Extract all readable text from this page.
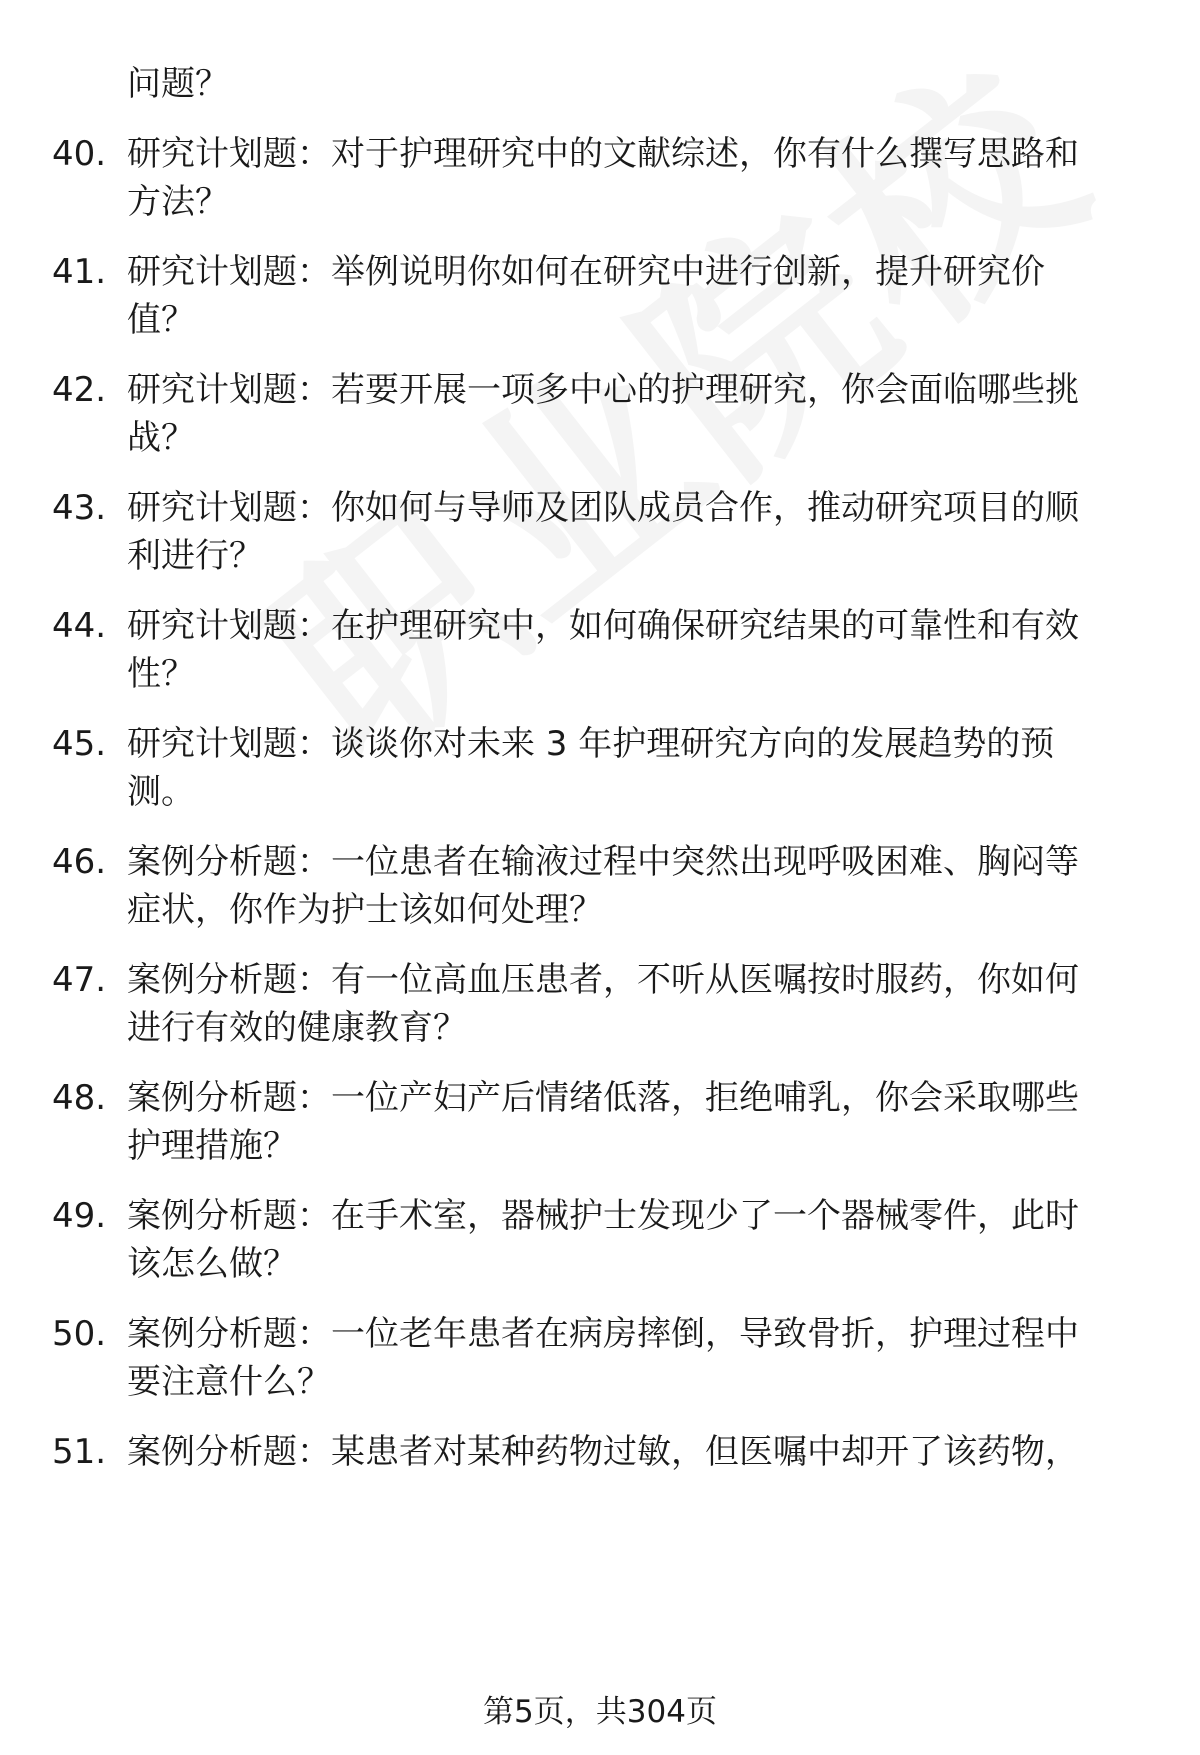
问题？
40. 研究计划题：对于护理研究中的文献综述，你有什么撰写思路和
方法？
41. 研究计划题：举例说明你如何在研究中进行创新，提升研究价
值？
42. 研究计划题：若要开展一项多中心的护理研究，你会面临哪些挑
战？
43. 研究计划题：你如何与导师及团队成员合作，推动研究项目的顺
利进行？
44. 研究计划题：在护理研究中，如何确保研究结果的可靠性和有效
性？
45. 研究计划题：谈谈你对未来 3 年护理研究方向的发展趋势的预
测。
46. 案例分析题：一位患者在输液过程中突然出现呼吸困难、胸闷等
症状，你作为护士该如何处理？
47. 案例分析题：有一位高血压患者，不听从医嘱按时服药，你如何
进行有效的健康教育？
48. 案例分析题：一位产妇产后情绪低落，拒绝哺乳，你会采取哪些
护理措施？
49. 案例分析题：在手术室，器械护士发现少了一个器械零件，此时
该怎么做？
50. 案例分析题：一位老年患者在病房摔倒，导致骨折，护理过程中
要注意什么？
51. 案例分析题：某患者对某种药物过敏，但医嘱中却开了该药物，
第5页，共304页
